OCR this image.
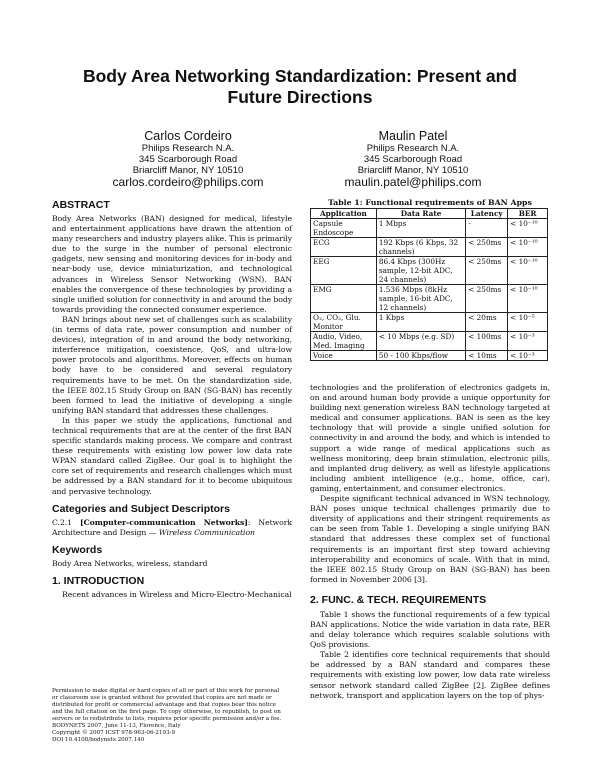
Body Area Networking Standardization: Present and Future Directions
Carlos Cordeiro
Philips Research N.A.
345 Scarborough Road
Briarcliff Manor, NY 10510
carlos.cordeiro@philips.com
Maulin Patel
Philips Research N.A.
345 Scarborough Road
Briarcliff Manor, NY 10510
maulin.patel@philips.com
ABSTRACT

Body Area Networks (BAN) designed for medical, lifestyle and entertainment applications have drawn the attention of many researchers and industry players alike. This is primarily due to the surge in the number of personal electronic gadgets, new sensing and monitoring devices for in-body and near-body use, device miniaturization, and technological advances in Wireless Sensor Networking (WSN). BAN enables the convergence of these technologies by providing a single unified solution for connectivity in and around the body towards providing the connected consumer experience.

BAN brings about new set of challenges such as scalability (in terms of data rate, power consumption and number of devices), integration of in and around the body networking, interference mitigation, coexistence, QoS, and ultra-low power protocols and algorithms. Moreover, effects on human body have to be considered and several regulatory requirements have to be met. On the standardization side, the IEEE 802.15 Study Group on BAN (SG-BAN) has recently been formed to lead the initiative of developing a single unifying BAN standard that addresses these challenges.

In this paper we study the applications, functional and technical requirements that are at the center of the first BAN specific standards making process. We compare and contrast these requirements with existing low power low data rate WPAN standard called ZigBee. Our goal is to highlight the core set of requirements and research challenges which must be addressed by a BAN standard for it to become ubiquitous and pervasive technology.

Categories and Subject Descriptors

C.2.1 [Computer-communication Networks]: Network Architecture and Design — Wireless Communication

Keywords

Body Area Networks, wireless, standard

1. INTRODUCTION

Recent advances in Wireless and Micro-Electro-Mechanical

Permission to make digital or hard copies of all or part of this work for personal

or classroom use is granted without fee provided that copies are not made or

distributed for profit or commercial advantage and that copies bear this notice

and the full citation on the first page. To copy otherwise, to republish, to post on

servers or to redistribute to lists, requires prior specific permission and/or a fee.

BODYNETS 2007, June 11-13, Florence, Italy

Copyright © 2007 ICST 978-963-06-2193-9

DOI 10.4108/bodynets.2007.140

Table 1: Functional requirements of BAN Apps
Application	Data Rate	Latency	BER
Capsule Endoscope	1 Mbps	-	< 10⁻¹⁰
ECG	192 Kbps (6 Kbps, 32 channels)	< 250ms	< 10⁻¹⁰
EEG	86.4 Kbps (300Hz sample, 12-bit ADC, 24 channels)	< 250ms	< 10⁻¹⁰
EMG	1.536 Mbps (8kHz sample, 16-bit ADC, 12 channels)	< 250ms	< 10⁻¹⁰
O₂, CO₂, Glu. Monitor	1 Kbps	< 20ms	< 10⁻⁵
Audio, Video, Med. Imaging	< 10 Mbps (e.g. SD)	< 100ms	< 10⁻³
Voice	50 - 100 Kbps/flow	< 10ms	< 10⁻³

technologies and the proliferation of electronics gadgets in, on and around human body provide a unique opportunity for building next generation wireless BAN technology targeted at medical and consumer applications. BAN is seen as the key technology that will provide a single unified solution for connectivity in and around the body, and which is intended to support a wide range of medical applications such as wellness monitoring, deep brain stimulation, electronic pills, and implanted drug delivery, as well as lifestyle applications including ambient intelligence (e.g., home, office, car), gaming, entertainment, and consumer electronics.

Despite significant technical advanced in WSN technology, BAN poses unique technical challenges primarily due to diversity of applications and their stringent requirements as can be seen from Table 1. Developing a single unifying BAN standard that addresses these complex set of functional requirements is an important first step toward achieving interoperability and economics of scale. With that in mind, the IEEE 802.15 Study Group on BAN (SG-BAN) has been formed in November 2006 [3].

2. FUNC. & TECH. REQUIREMENTS

Table 1 shows the functional requirements of a few typical BAN applications. Notice the wide variation in data rate, BER and delay tolerance which requires scalable solutions with QoS provisions.

Table 2 identifies core technical requirements that should be addressed by a BAN standard and compares these requirements with existing low power, low data rate wireless sensor network standard called ZigBee [2]. ZigBee defines network, transport and application layers on the top of phys-
